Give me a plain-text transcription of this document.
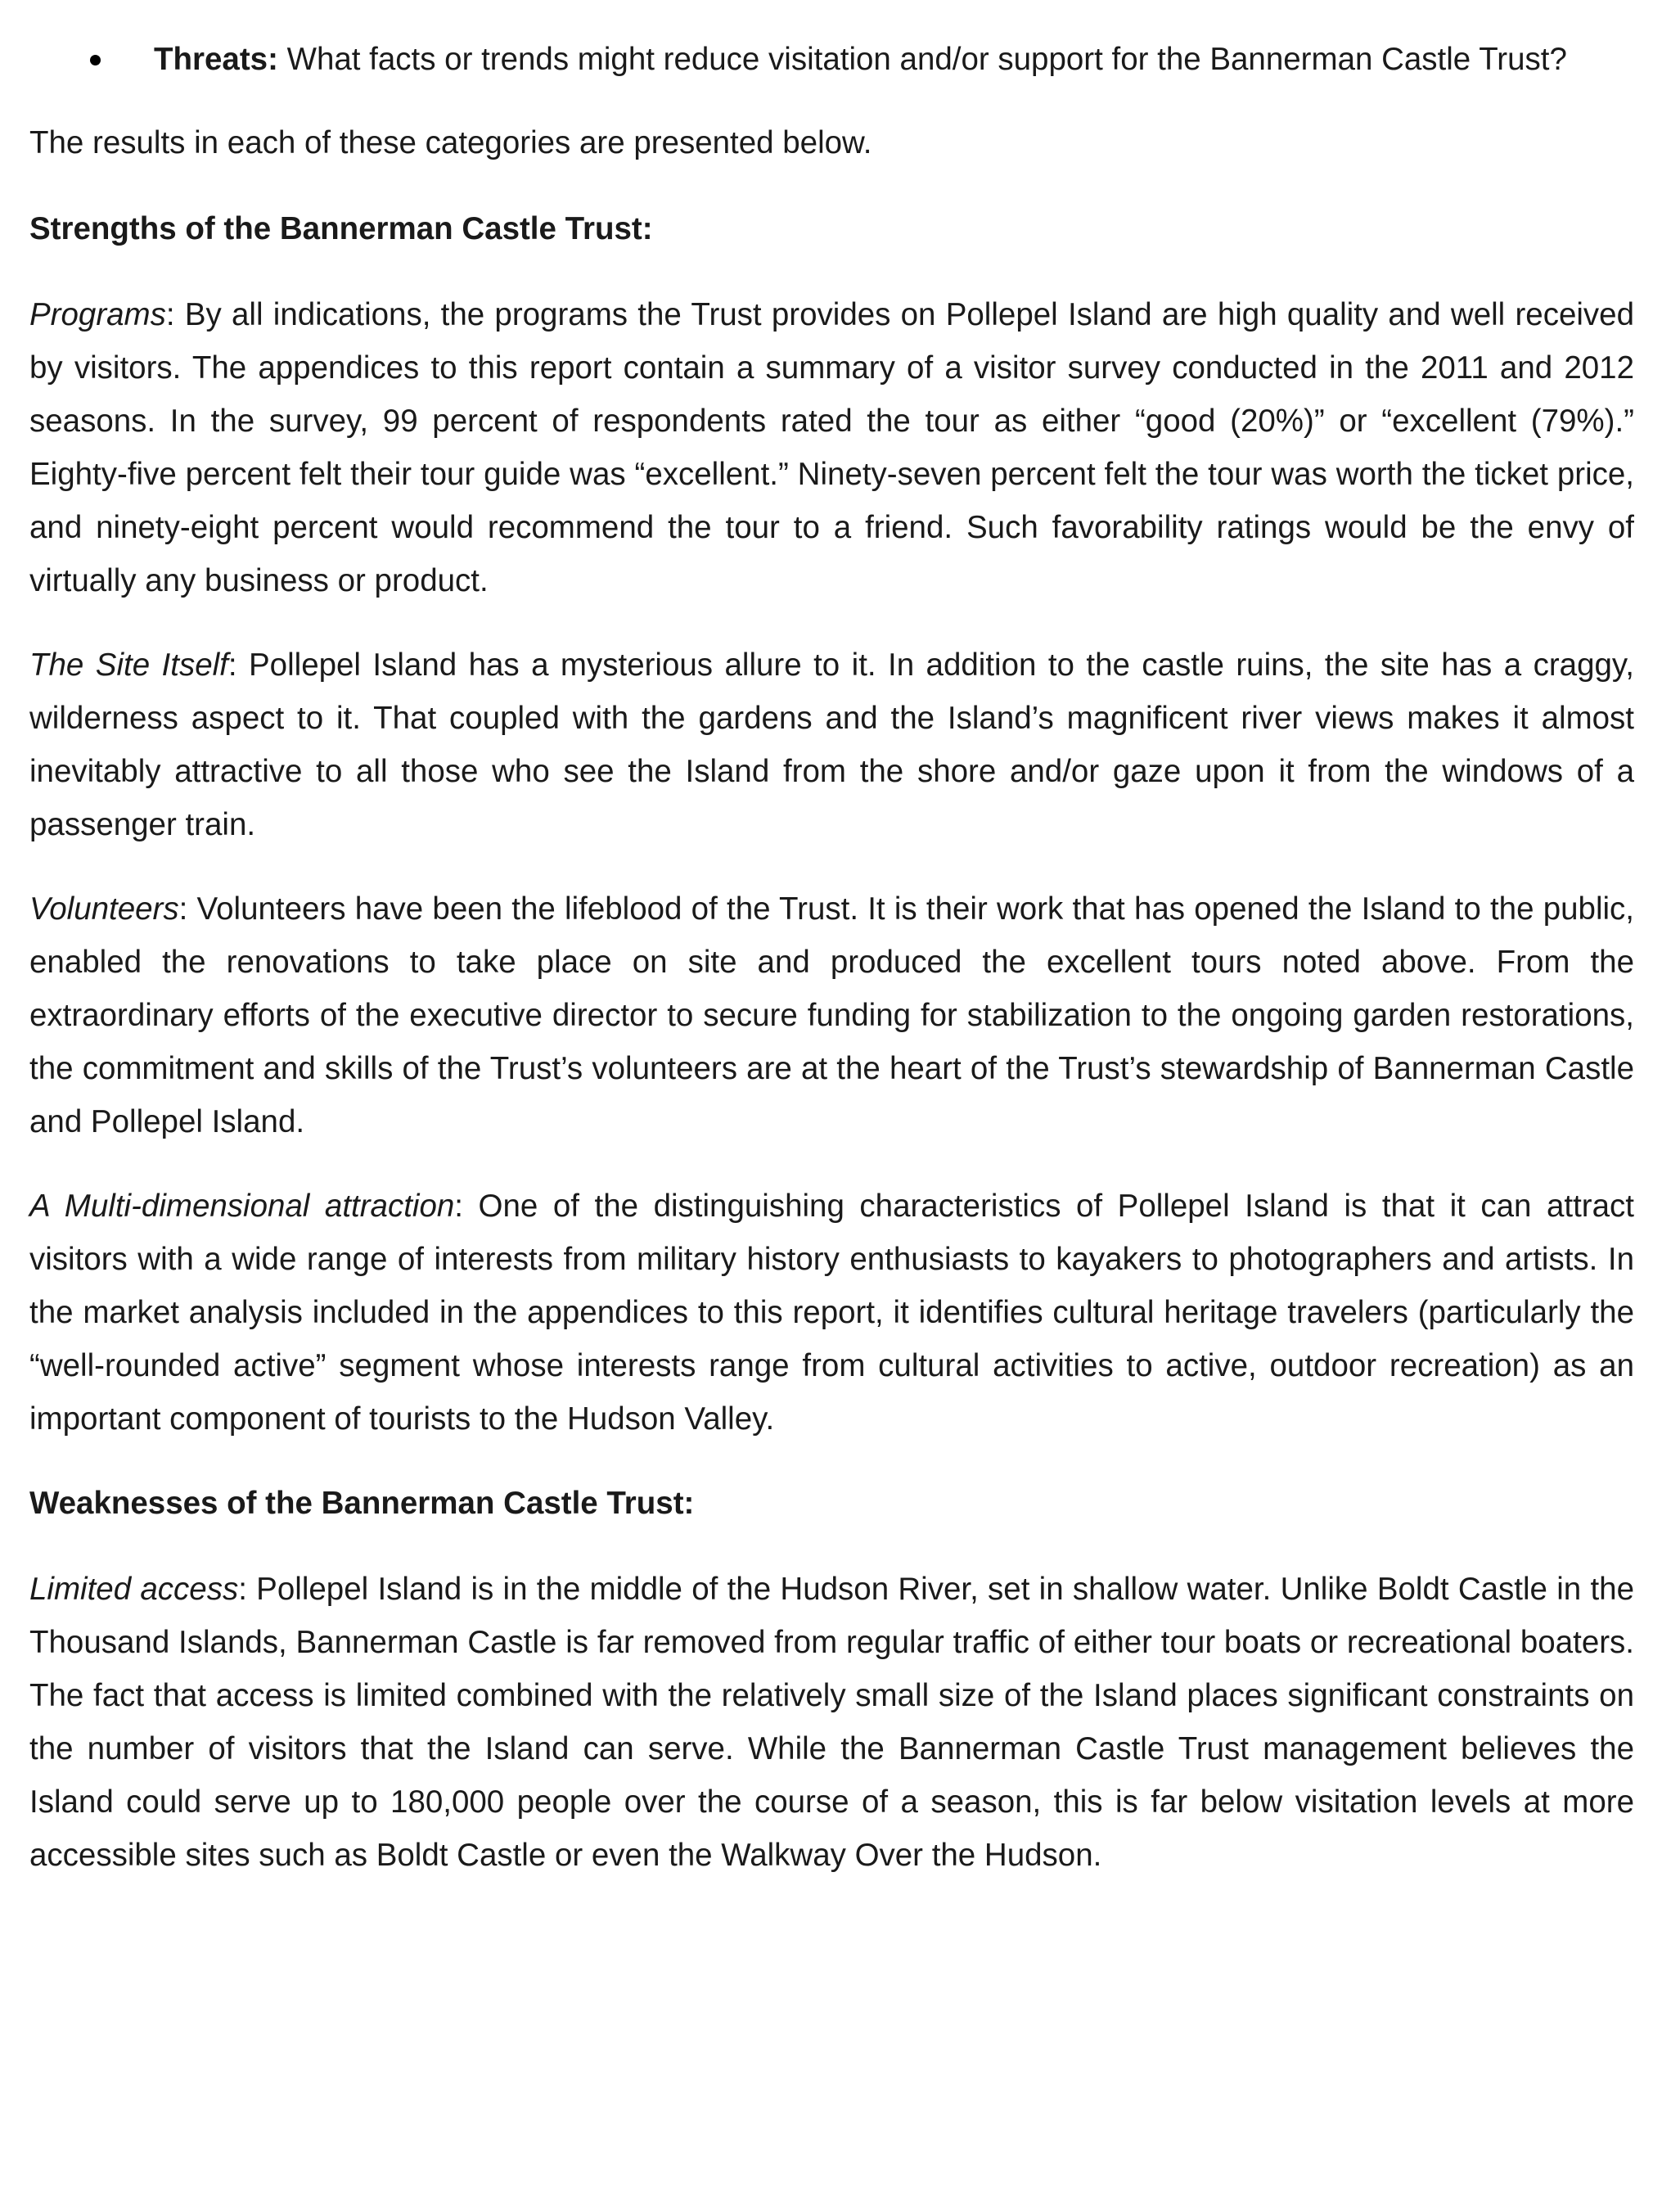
Threats: What facts or trends might reduce visitation and/or support for the Bannerman Castle Trust?

The results in each of these categories are presented below.

Strengths of the Bannerman Castle Trust:

Programs: By all indications, the programs the Trust provides on Pollepel Island are high quality and well received by visitors. The appendices to this report contain a summary of a visitor survey conducted in the 2011 and 2012 seasons. In the survey, 99 percent of respondents rated the tour as either “good (20%)” or “excellent (79%).” Eighty-five percent felt their tour guide was “excellent.” Ninety-seven percent felt the tour was worth the ticket price, and ninety-eight percent would recommend the tour to a friend. Such favorability ratings would be the envy of virtually any business or product.

The Site Itself: Pollepel Island has a mysterious allure to it. In addition to the castle ruins, the site has a craggy, wilderness aspect to it. That coupled with the gardens and the Island’s magnificent river views makes it almost inevitably attractive to all those who see the Island from the shore and/or gaze upon it from the windows of a passenger train.

Volunteers: Volunteers have been the lifeblood of the Trust. It is their work that has opened the Island to the public, enabled the renovations to take place on site and produced the excellent tours noted above. From the extraordinary efforts of the executive director to secure funding for stabilization to the ongoing garden restorations, the commitment and skills of the Trust’s volunteers are at the heart of the Trust’s stewardship of Bannerman Castle and Pollepel Island.

A Multi-dimensional attraction: One of the distinguishing characteristics of Pollepel Island is that it can attract visitors with a wide range of interests from military history enthusiasts to kayakers to photographers and artists. In the market analysis included in the appendices to this report, it identifies cultural heritage travelers (particularly the “well-rounded active” segment whose interests range from cultural activities to active, outdoor recreation) as an important component of tourists to the Hudson Valley.

Weaknesses of the Bannerman Castle Trust:

Limited access: Pollepel Island is in the middle of the Hudson River, set in shallow water. Unlike Boldt Castle in the Thousand Islands, Bannerman Castle is far removed from regular traffic of either tour boats or recreational boaters. The fact that access is limited combined with the relatively small size of the Island places significant constraints on the number of visitors that the Island can serve. While the Bannerman Castle Trust management believes the Island could serve up to 180,000 people over the course of a season, this is far below visitation levels at more accessible sites such as Boldt Castle or even the Walkway Over the Hudson.
